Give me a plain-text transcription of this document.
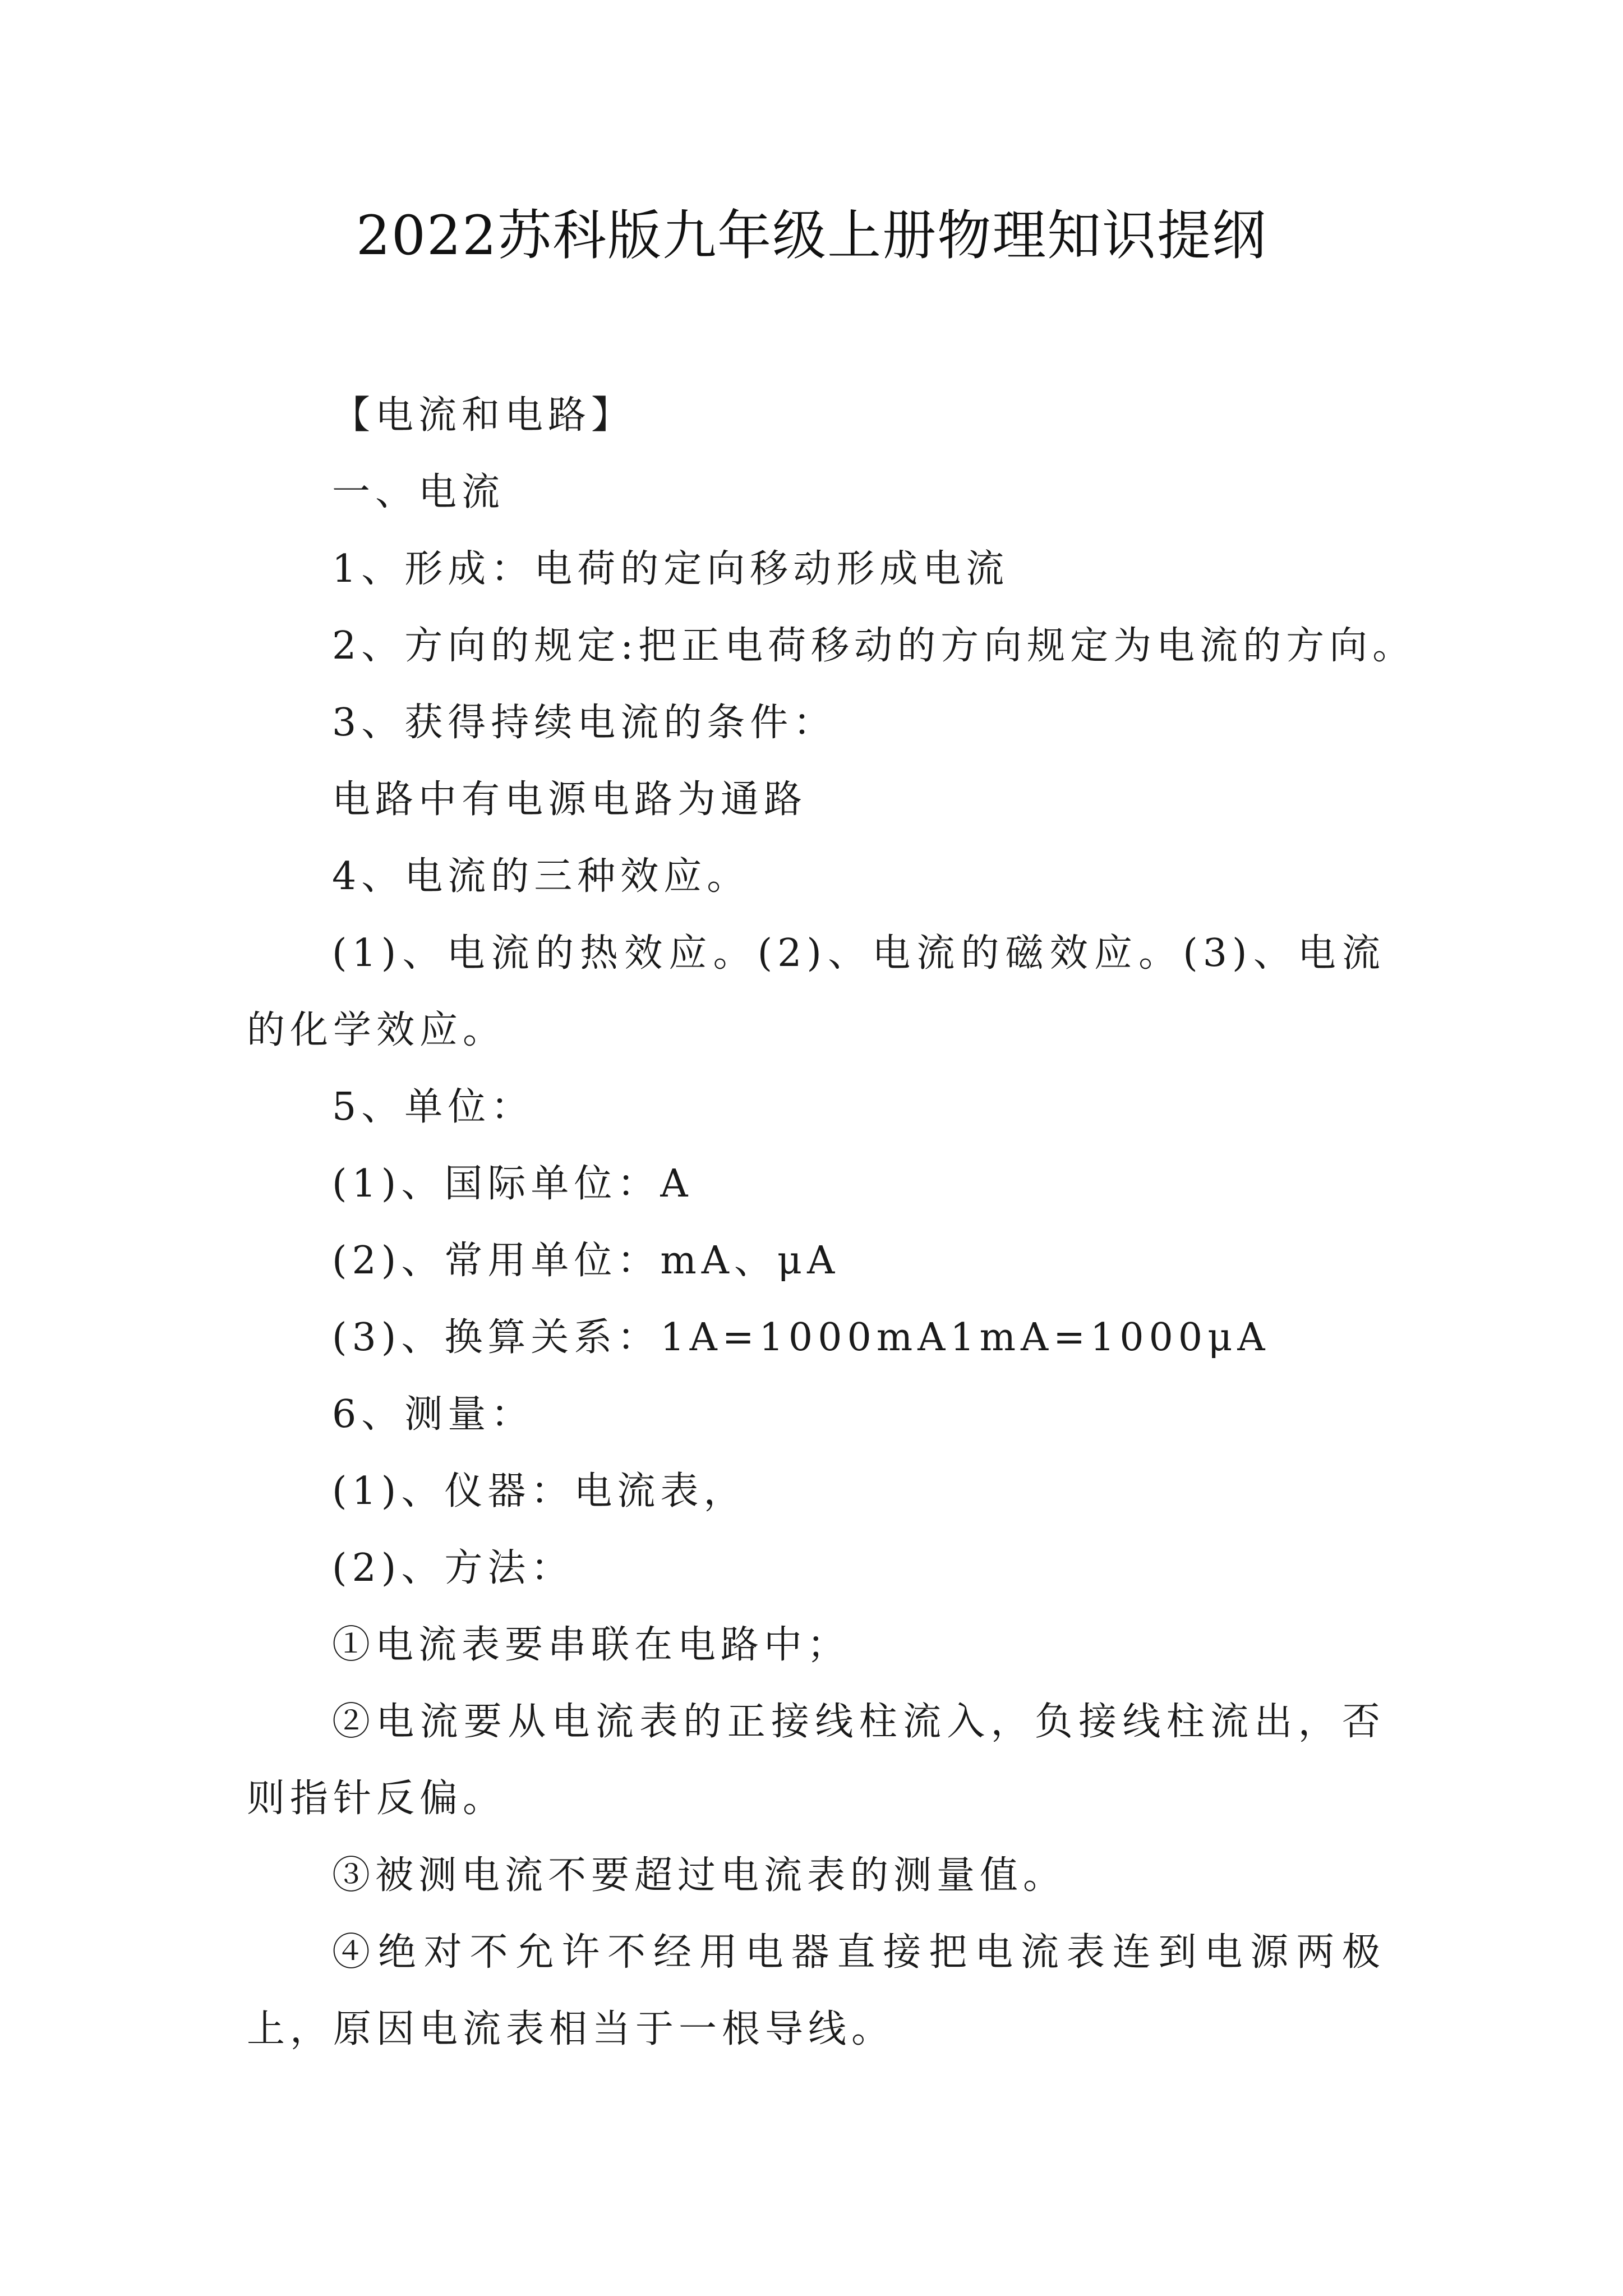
2022苏科版九年级上册物理知识提纲

【电流和电路】

一、电流

1、形成：电荷的定向移动形成电流

2、方向的规定:把正电荷移动的方向规定为电流的方向。

3、获得持续电流的条件：

电路中有电源电路为通路

4、电流的三种效应。

(1)、电流的热效应。(2)、电流的磁效应。(3)、电流的化学效应。

5、单位：

(1)、国际单位：A

(2)、常用单位：mA、μA

(3)、换算关系：1A=1000mA1mA=1000μA

6、测量：

(1)、仪器：电流表，

(2)、方法：

①电流表要串联在电路中；

②电流要从电流表的正接线柱流入，负接线柱流出，否则指针反偏。

③被测电流不要超过电流表的测量值。

④绝对不允许不经用电器直接把电流表连到电源两极上，原因电流表相当于一根导线。
